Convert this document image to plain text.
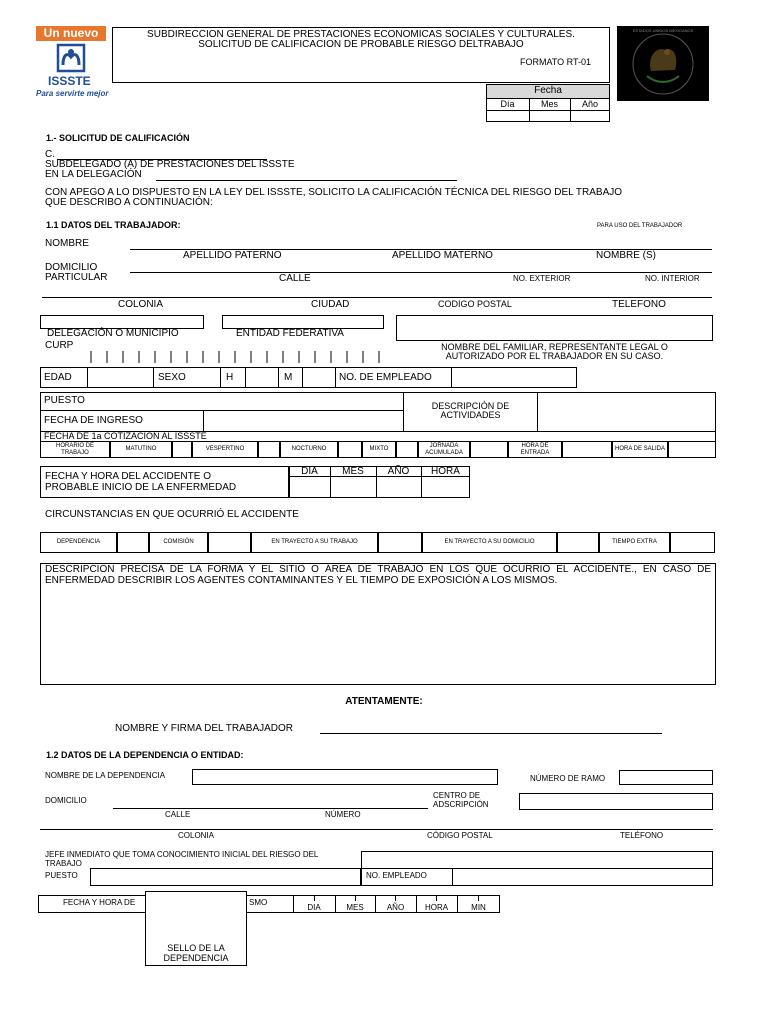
Un nuevo
ISSSTE
Para servirte mejor
SUBDIRECCION GENERAL DE PRESTACIONES ECONOMICAS SOCIALES Y CULTURALES.
SOLICITUD DE CALIFICACION DE PROBABLE RIESGO DELTRABAJO
FORMATO RT-01
ESTADOS UNIDOS MEXICANOS
Fecha
Día	Mes	Año
1.- SOLICITUD DE CALIFICACIÓN
C.
SUBDELEGADO (A) DE PRESTACIONES DEL ISSSTE
EN LA DELEGACIÓN
CON APEGO A LO DISPUESTO EN LA LEY DEL ISSSTE, SOLICITO LA CALIFICACIÓN TÉCNICA DEL RIESGO DEL TRABAJO
QUE DESCRIBO A CONTINUACIÓN:
1.1 DATOS DEL TRABAJADOR:	PARA USO DEL TRABAJADOR
NOMBRE
APELLIDO PATERNO	APELLIDO MATERNO	NOMBRE (S)
DOMICILIO
PARTICULAR	CALLE	NO. EXTERIOR	NO. INTERIOR
COLONIA	CIUDAD	CODIGO POSTAL	TELEFONO
DELEGACIÓN O MUNICIPIO	ENTIDAD FEDERATIVA
CURP	NOMBRE DEL FAMILIAR, REPRESENTANTE LEGAL O
AUTORIZADO POR EL TRABAJADOR EN SU CASO.
EDAD	SEXO	H	M	NO. DE EMPLEADO
PUESTO
FECHA DE INGRESO
DESCRIPCIÓN DE
ACTIVIDADES
FECHA DE 1a COTIZACION AL ISSSTE
HORARIO DE TRABAJO
MATUTINO	VESPERTINO	NOCTURNO	MIXTO
JORNADA ACUMULADA
HORA DE ENTRADA
HORA DE SALIDA
FECHA Y HORA DEL ACCIDENTE O
PROBABLE INICIO DE LA ENFERMEDAD
DIA	MES	AÑO	HORA
CIRCUNSTANCIAS EN QUE OCURRIÓ EL ACCIDENTE
DEPENDENCIA	COMISIÓN	EN TRAYECTO A SU TRABAJO	EN TRAYECTO A SU DOMICILIO	TIEMPO EXTRA
DESCRIPCION PRECISA DE LA FORMA Y EL SITIO O ÁREA DE TRABAJO EN LOS QUE OCURRIÓ EL ACCIDENTE., EN CASO DE ENFERMEDAD DESCRIBIR LOS AGENTES CONTAMINANTES Y EL TIEMPO DE EXPOSICIÓN A LOS MISMOS.
ATENTAMENTE:
NOMBRE Y FIRMA DEL TRABAJADOR
1.2 DATOS DE LA DEPENDENCIA O ENTIDAD:
NOMBRE DE LA DEPENDENCIA	NÚMERO DE RAMO
DOMICILIO
CENTRO DE
ADSCRIPCIÓN
CALLE	NÚMERO
COLONIA	CÓDIGO POSTAL	TELÉFONO
JEFE INMEDIATO QUE TOMA CONOCIMIENTO INICIAL DEL RIESGO DEL
TRABAJO
PUESTO	NO. EMPLEADO
FECHA Y HORA DE	SMO
DIA	MES	AÑO	HORA	MIN
SELLO DE LA
DEPENDENCIA
